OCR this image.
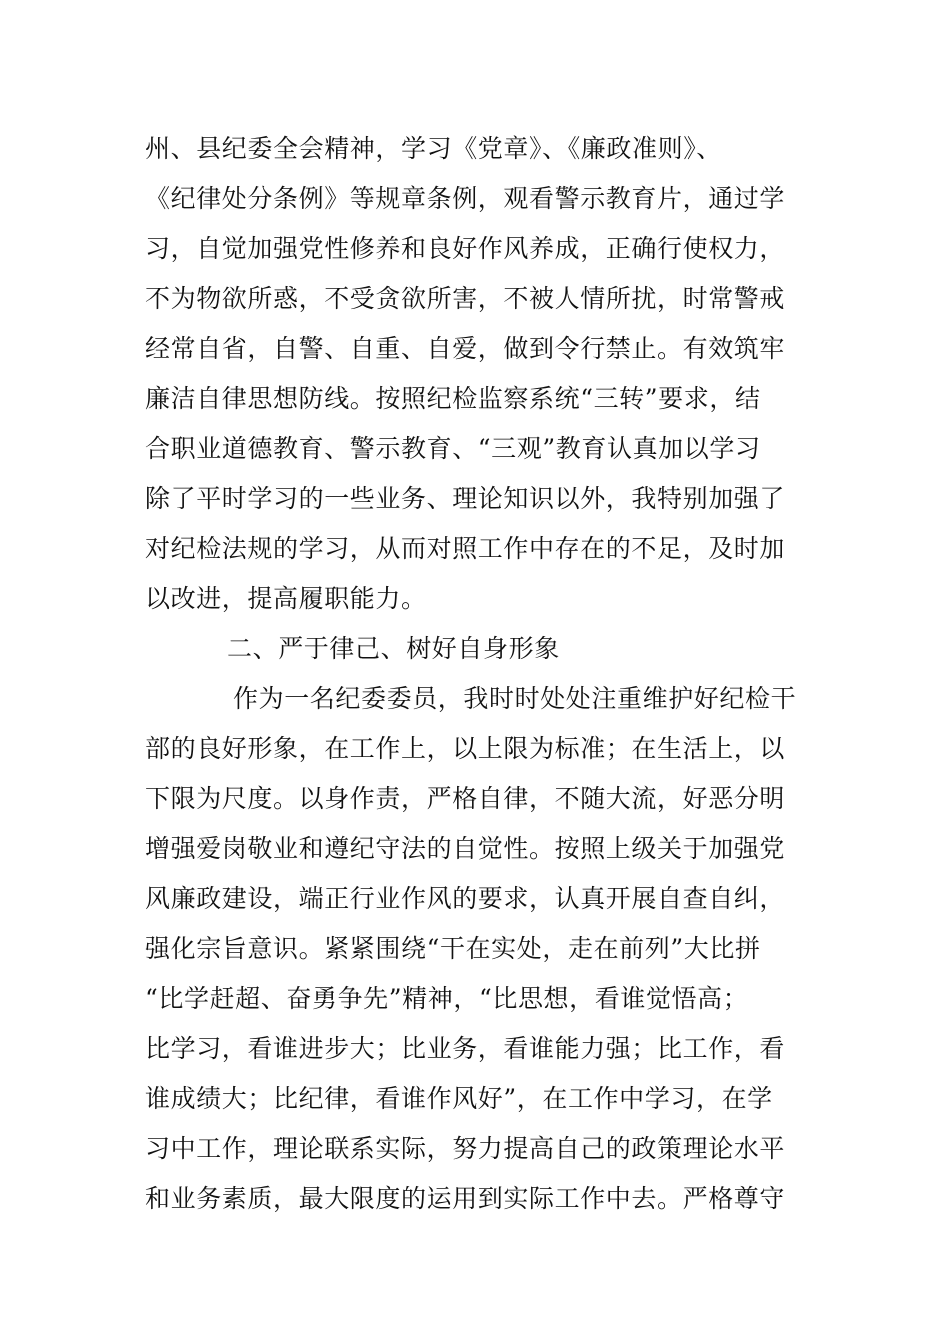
州、县纪委全会精神，学习《党章》、《廉政准则》、
《纪律处分条例》等规章条例，观看警示教育片，通过学
习，自觉加强党性修养和良好作风养成，正确行使权力，
不为物欲所惑，不受贪欲所害，不被人情所扰，时常警戒
经常自省，自警、自重、自爱，做到令行禁止。有效筑牢
廉洁自律思想防线。按照纪检监察系统“三转”要求，结
合职业道德教育、警示教育、“三观”教育认真加以学习
除了平时学习的一些业务、理论知识以外，我特别加强了
对纪检法规的学习，从而对照工作中存在的不足，及时加
以改进，提高履职能力。
二、严于律己、树好自身形象
作为一名纪委委员，我时时处处注重维护好纪检干
部的良好形象，在工作上，以上限为标准；在生活上，以
下限为尺度。以身作责，严格自律，不随大流，好恶分明
增强爱岗敬业和遵纪守法的自觉性。按照上级关于加强党
风廉政建设，端正行业作风的要求，认真开展自查自纠，
强化宗旨意识。紧紧围绕“干在实处，走在前列”大比拼
“比学赶超、奋勇争先”精神，“比思想，看谁觉悟高；
比学习，看谁进步大；比业务，看谁能力强；比工作，看
谁成绩大；比纪律，看谁作风好”，在工作中学习，在学
习中工作，理论联系实际，努力提高自己的政策理论水平
和业务素质，最大限度的运用到实际工作中去。严格尊守
